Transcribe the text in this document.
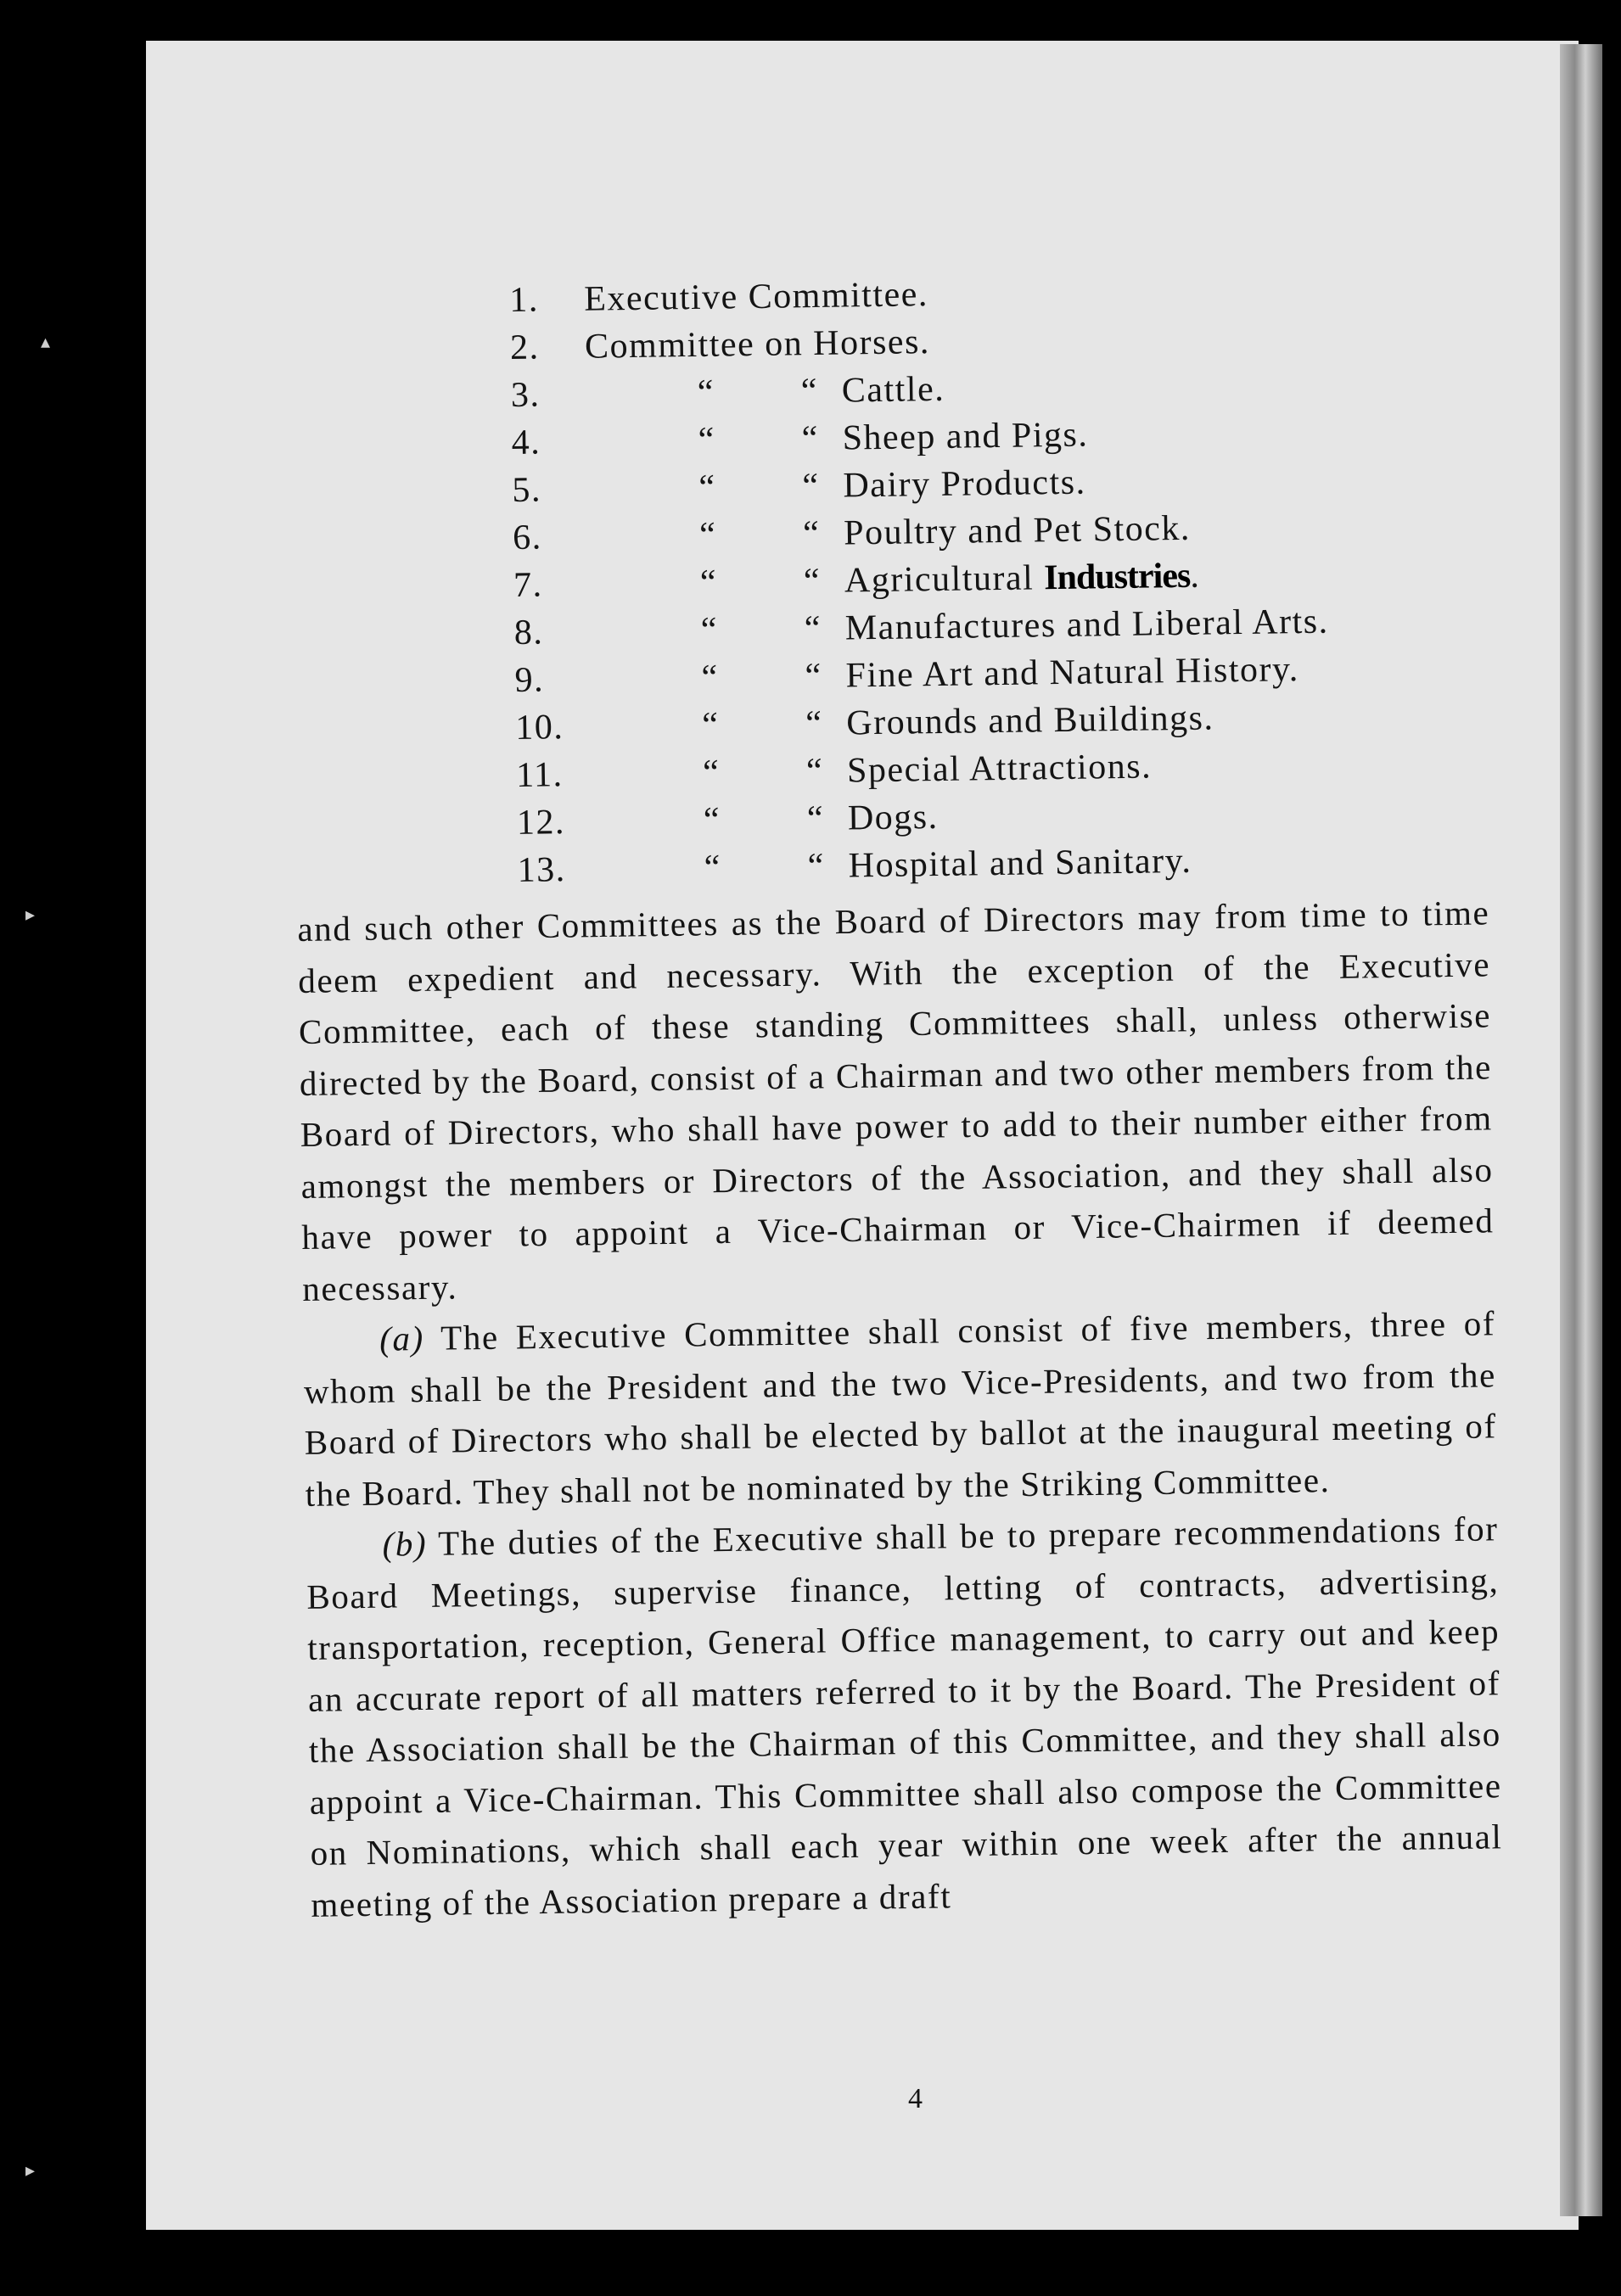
▴
▸
▸
1.	Executive Committee.
2.	Committee on Horses.
3.	“ “ Cattle.
4.	“ “ Sheep and Pigs.
5.	“ “ Dairy Products.
6.	“ “ Poultry and Pet Stock.
7.	“ “ Agricultural Industries.
8.	“ “ Manufactures and Liberal Arts.
9.	“ “ Fine Art and Natural History.
10.	“ “ Grounds and Buildings.
11.	“ “ Special Attractions.
12.	“ “ Dogs.
13.	“ “ Hospital and Sanitary.

and such other Committees as the Board of Directors may from time to time deem expedient and necessary. With the exception of the Executive Committee, each of these standing Committees shall, unless otherwise directed by the Board, consist of a Chairman and two other members from the Board of Directors, who shall have power to add to their number either from amongst the members or Directors of the Association, and they shall also have power to appoint a Vice-Chairman or Vice-Chairmen if deemed necessary.

(a) The Executive Committee shall consist of five members, three of whom shall be the President and the two Vice-Presidents, and two from the Board of Directors who shall be elected by ballot at the inaugural meeting of the Board. They shall not be nominated by the Striking Committee.

(b) The duties of the Executive shall be to prepare recommendations for Board Meetings, supervise finance, letting of contracts, advertising, transportation, reception, General Office management, to carry out and keep an accurate report of all matters referred to it by the Board. The President of the Association shall be the Chairman of this Committee, and they shall also appoint a Vice-Chairman. This Committee shall also compose the Committee on Nominations, which shall each year within one week after the annual meeting of the Association prepare a draft

4
